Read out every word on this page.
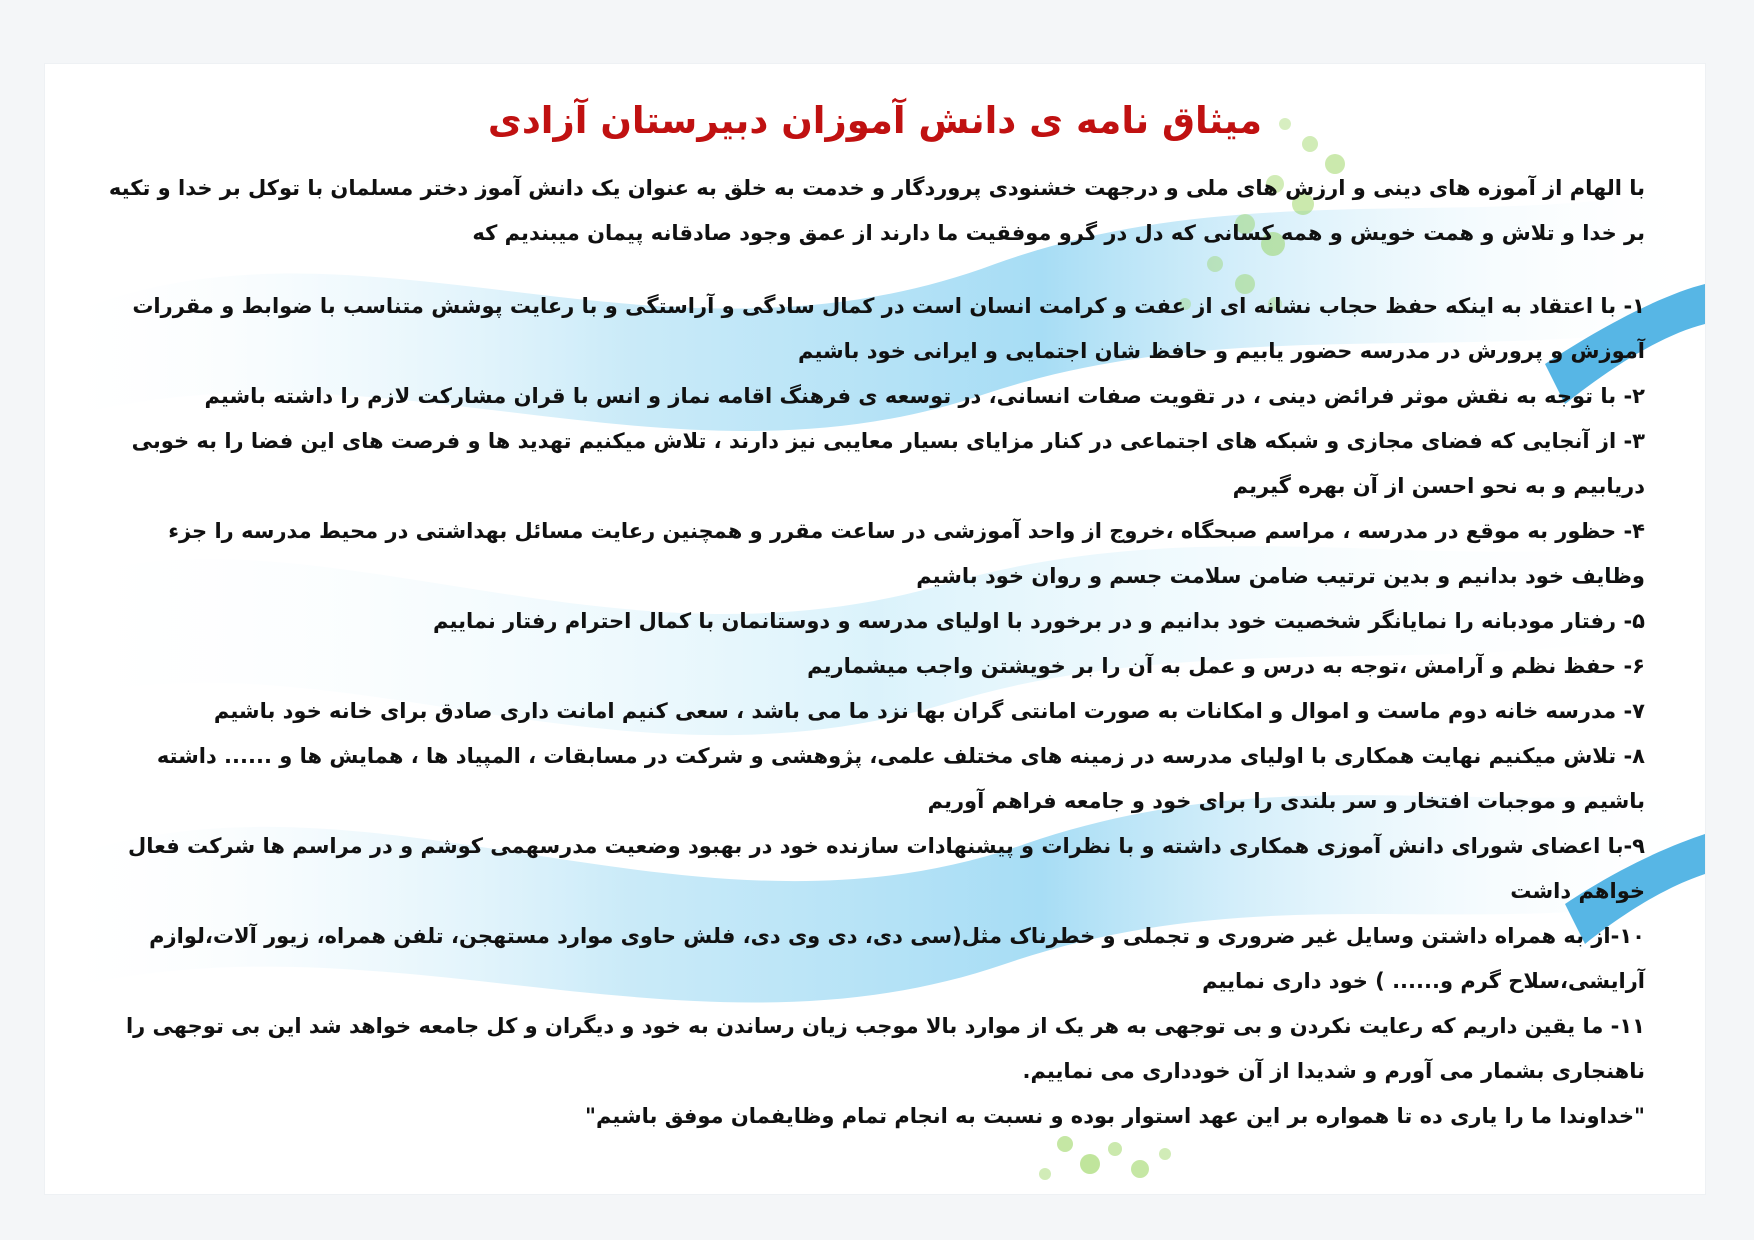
میثاق نامه ی دانش آموزان دبیرستان آزادی

با الهام از آموزه های دینی و ارزش های ملی و درجهت خشنودی پروردگار و خدمت به خلق به عنوان یک دانش آموز دختر مسلمان با توکل بر خدا و تکیه بر خدا و تلاش و همت خویش و همه کسانی که دل در گرو موفقیت ما دارند از عمق وجود صادقانه پیمان میبندیم که

۱- با اعتقاد به اینکه حفظ حجاب نشانه ای از عفت و کرامت انسان است در کمال سادگی و آراستگی و با رعایت پوشش متناسب با ضوابط و مقررات آموزش و پرورش در مدرسه حضور یابیم و حافظ شان اجتمایی و ایرانی خود باشیم
۲- با توجه به نقش موثر فرائض دینی ، در تقویت صفات انسانی، در توسعه ی فرهنگ اقامه نماز و انس با قران مشارکت لازم را داشته باشیم
۳- از آنجایی که فضای مجازی و شبکه های اجتماعی در کنار مزایای بسیار معایبی نیز دارند ، تلاش میکنیم تهدید ها و فرصت های این فضا را به خوبی دریابیم و به نحو احسن از آن بهره گیریم
۴- حظور به موقع در مدرسه ، مراسم صبحگاه ،خروج از واحد آموزشی در ساعت مقرر و همچنین رعایت مسائل بهداشتی در محیط مدرسه را جزء وظایف خود بدانیم و بدین ترتیب ضامن سلامت جسم و روان خود باشیم
۵- رفتار مودبانه را نمایانگر شخصیت خود بدانیم و در برخورد با اولیای مدرسه و دوستانمان با کمال احترام رفتار نماییم
۶- حفظ نظم و آرامش ،توجه به درس و عمل به آن را بر خویشتن واجب میشماریم
۷- مدرسه خانه دوم ماست و اموال و امکانات به صورت امانتی گران بها نزد ما می باشد ، سعی کنیم امانت داری صادق برای خانه خود باشیم
۸- تلاش میکنیم نهایت همکاری با اولیای مدرسه در زمینه های مختلف علمی، پژوهشی و شرکت در مسابقات ، المپیاد ها ، همایش ها و ...... داشته باشیم و موجبات افتخار و سر بلندی را برای خود و جامعه فراهم آوریم
۹-با اعضای شورای دانش آموزی همکاری داشته و با نظرات و پیشنهادات سازنده خود در بهبود وضعیت مدرسهمی کوشم و در مراسم ها شرکت فعال خواهم داشت
۱۰-از به همراه داشتن وسایل غیر ضروری و تجملی و خطرناک مثل(سی دی، دی وی دی، فلش حاوی موارد مستهجن، تلفن همراه، زیور آلات،لوازم آرایشی،سلاح گرم و...... ) خود داری نماییم
۱۱- ما یقین داریم که رعایت نکردن و بی توجهی به هر یک از موارد بالا موجب زیان رساندن به خود و دیگران و کل جامعه خواهد شد این بی توجهی را ناهنجاری بشمار می آورم و شدیدا از آن خودداری می نماییم.

"خداوندا ما را یاری ده تا همواره بر این عهد استوار بوده و نسبت به انجام تمام وظایفمان موفق باشیم"
